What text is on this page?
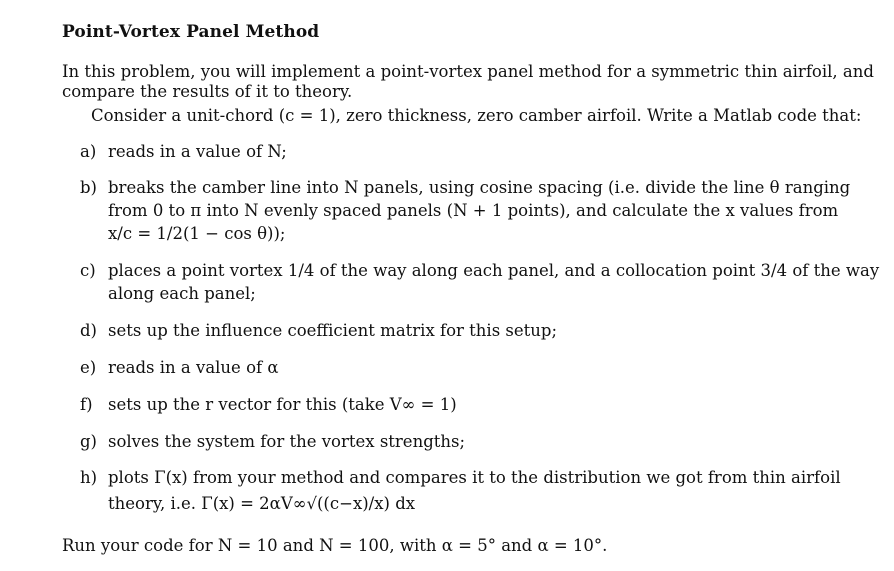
Point-Vortex Panel Method
In this problem, you will implement a point-vortex panel method for a symmetric thin airfoil, and
compare the results of it to theory.
Consider a unit-chord (c = 1), zero thickness, zero camber airfoil. Write a Matlab code that:
a) reads in a value of N;
b) breaks the camber line into N panels, using cosine spacing (i.e. divide the line θ ranging
from 0 to π into N evenly spaced panels (N + 1 points), and calculate the x values from
x/c = 1/2(1 − cos θ));
c) places a point vortex 1/4 of the way along each panel, and a collocation point 3/4 of the way
along each panel;
d) sets up the influence coefficient matrix for this setup;
e) reads in a value of α
f) sets up the r vector for this (take V∞ = 1)
g) solves the system for the vortex strengths;
h) plots Γ(x) from your method and compares it to the distribution we got from thin airfoil
theory, i.e. Γ(x) = 2αV∞√((c−x)/x) dx
Run your code for N = 10 and N = 100, with α = 5° and α = 10°.
